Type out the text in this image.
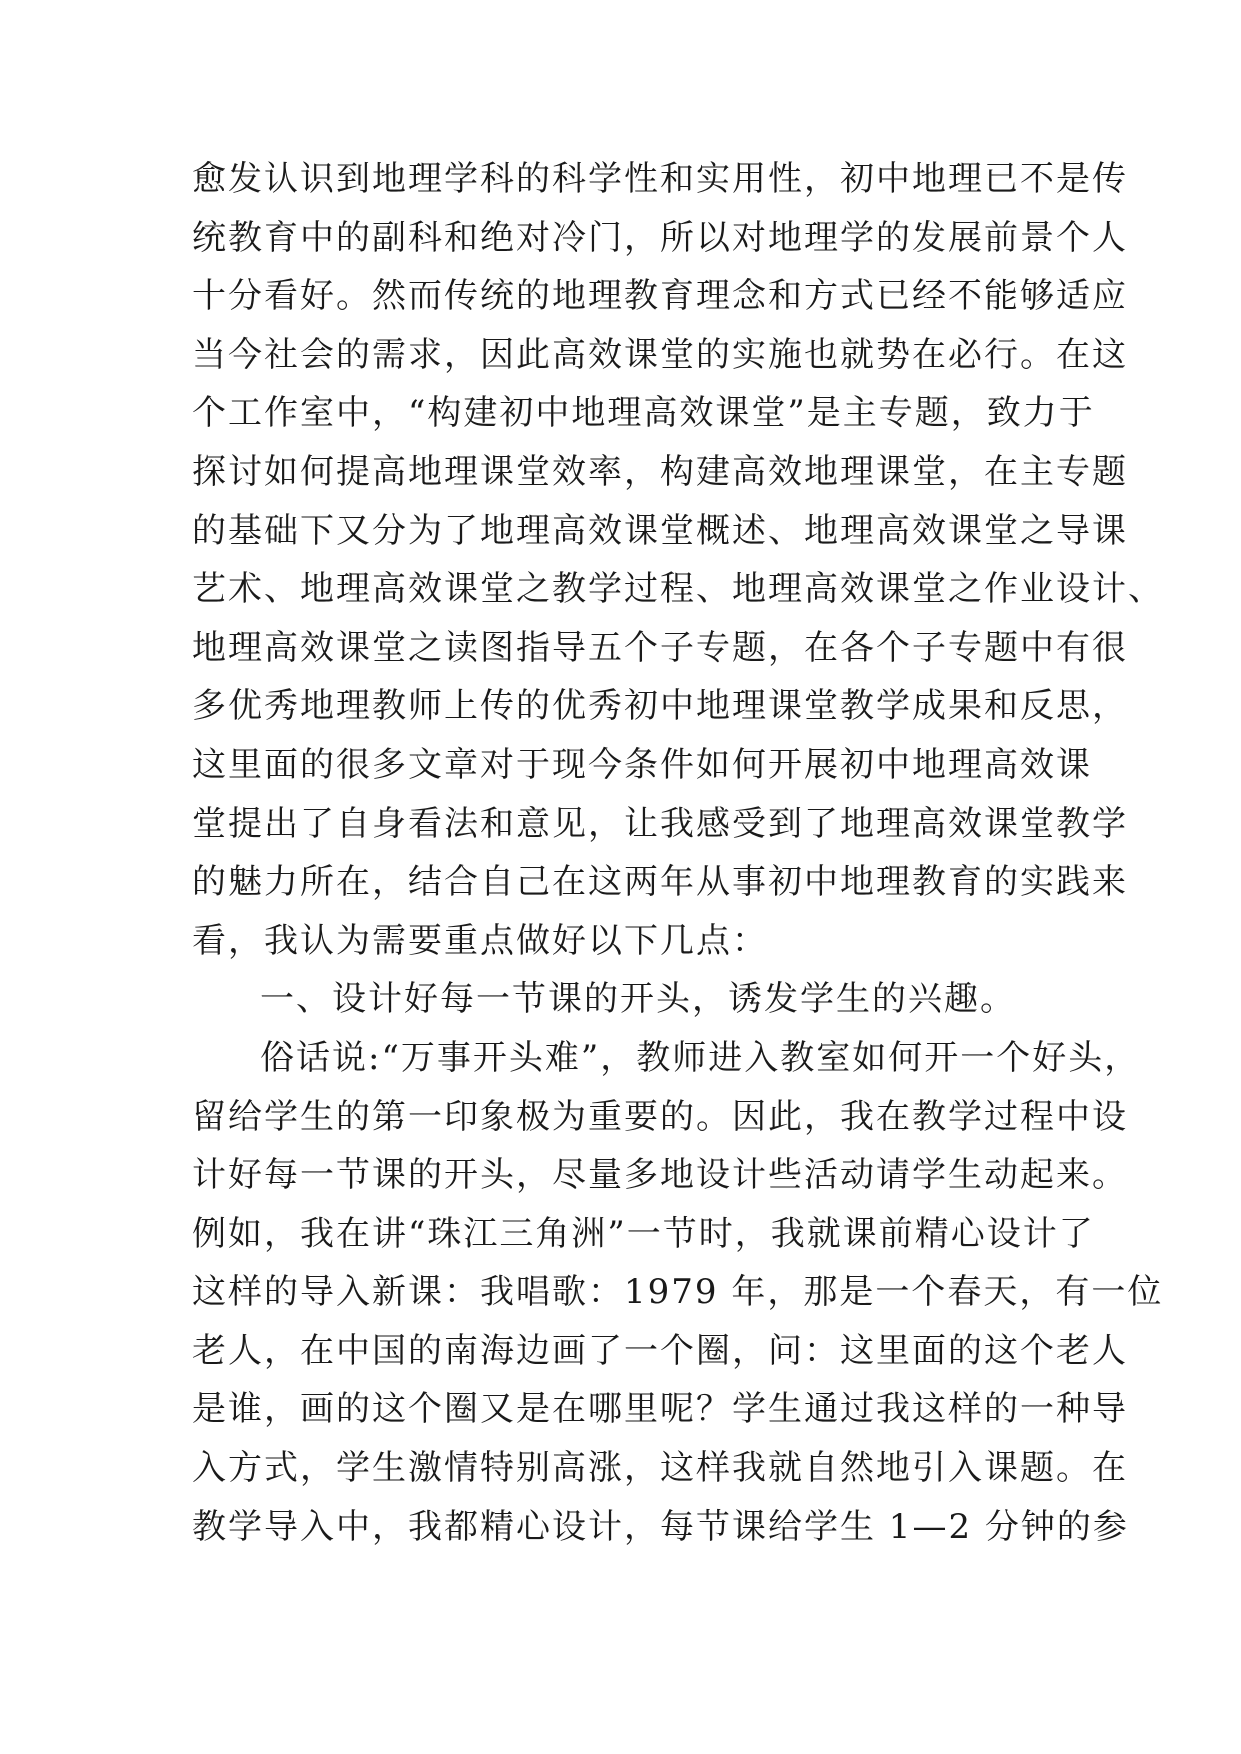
愈发认识到地理学科的科学性和实用性，初中地理已不是传
统教育中的副科和绝对冷门，所以对地理学的发展前景个人
十分看好。然而传统的地理教育理念和方式已经不能够适应
当今社会的需求，因此高效课堂的实施也就势在必行。在这
个工作室中，“构建初中地理高效课堂”是主专题，致力于
探讨如何提高地理课堂效率，构建高效地理课堂，在主专题
的基础下又分为了地理高效课堂概述、地理高效课堂之导课
艺术、地理高效课堂之教学过程、地理高效课堂之作业设计、
地理高效课堂之读图指导五个子专题，在各个子专题中有很
多优秀地理教师上传的优秀初中地理课堂教学成果和反思，
这里面的很多文章对于现今条件如何开展初中地理高效课
堂提出了自身看法和意见，让我感受到了地理高效课堂教学
的魅力所在，结合自己在这两年从事初中地理教育的实践来
看，我认为需要重点做好以下几点：
一、设计好每一节课的开头，诱发学生的兴趣。
俗话说:“万事开头难”，教师进入教室如何开一个好头，
留给学生的第一印象极为重要的。因此，我在教学过程中设
计好每一节课的开头，尽量多地设计些活动请学生动起来。
例如，我在讲“珠江三角洲”一节时，我就课前精心设计了
这样的导入新课：我唱歌：1979 年，那是一个春天，有一位
老人，在中国的南海边画了一个圈，问：这里面的这个老人
是谁，画的这个圈又是在哪里呢？学生通过我这样的一种导
入方式，学生激情特别高涨，这样我就自然地引入课题。在
教学导入中，我都精心设计，每节课给学生 1—2 分钟的参
